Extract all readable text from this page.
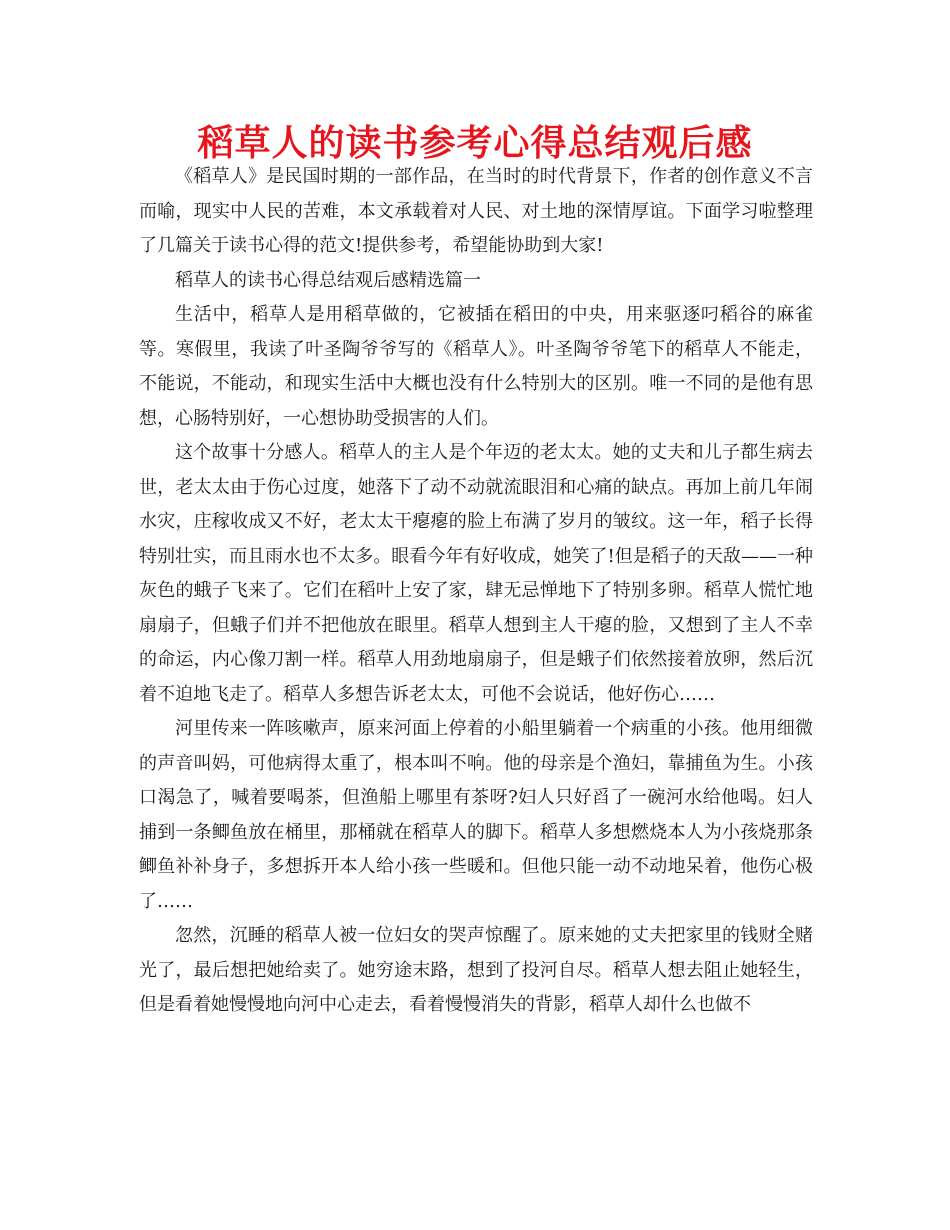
稻草人的读书参考心得总结观后感

《稻草人》是民国时期的一部作品，在当时的时代背景下，作者的创作意义不言而喻，现实中人民的苦难，本文承载着对人民、对土地的深情厚谊。下面学习啦整理了几篇关于读书心得的范文!提供参考，希望能协助到大家!

稻草人的读书心得总结观后感精选篇一

生活中，稻草人是用稻草做的，它被插在稻田的中央，用来驱逐叼稻谷的麻雀等。寒假里，我读了叶圣陶爷爷写的《稻草人》。叶圣陶爷爷笔下的稻草人不能走，不能说，不能动，和现实生活中大概也没有什么特别大的区别。唯一不同的是他有思想，心肠特别好，一心想协助受损害的人们。

这个故事十分感人。稻草人的主人是个年迈的老太太。她的丈夫和儿子都生病去世，老太太由于伤心过度，她落下了动不动就流眼泪和心痛的缺点。再加上前几年闹水灾，庄稼收成又不好，老太太干瘪瘪的脸上布满了岁月的皱纹。这一年，稻子长得特别壮实，而且雨水也不太多。眼看今年有好收成，她笑了!但是稻子的天敌——一种灰色的蛾子飞来了。它们在稻叶上安了家，肆无忌惮地下了特别多卵。稻草人慌忙地扇扇子，但蛾子们并不把他放在眼里。稻草人想到主人干瘪的脸，又想到了主人不幸的命运，内心像刀割一样。稻草人用劲地扇扇子，但是蛾子们依然接着放卵，然后沉着不迫地飞走了。稻草人多想告诉老太太，可他不会说话，他好伤心……

河里传来一阵咳嗽声，原来河面上停着的小船里躺着一个病重的小孩。他用细微的声音叫妈，可他病得太重了，根本叫不响。他的母亲是个渔妇，靠捕鱼为生。小孩口渴急了，喊着要喝茶，但渔船上哪里有茶呀?妇人只好舀了一碗河水给他喝。妇人捕到一条鲫鱼放在桶里，那桶就在稻草人的脚下。稻草人多想燃烧本人为小孩烧那条鲫鱼补补身子，多想拆开本人给小孩一些暖和。但他只能一动不动地呆着，他伤心极了……

忽然，沉睡的稻草人被一位妇女的哭声惊醒了。原来她的丈夫把家里的钱财全赌光了，最后想把她给卖了。她穷途末路，想到了投河自尽。稻草人想去阻止她轻生，但是看着她慢慢地向河中心走去，看着慢慢消失的背影，稻草人却什么也做不
